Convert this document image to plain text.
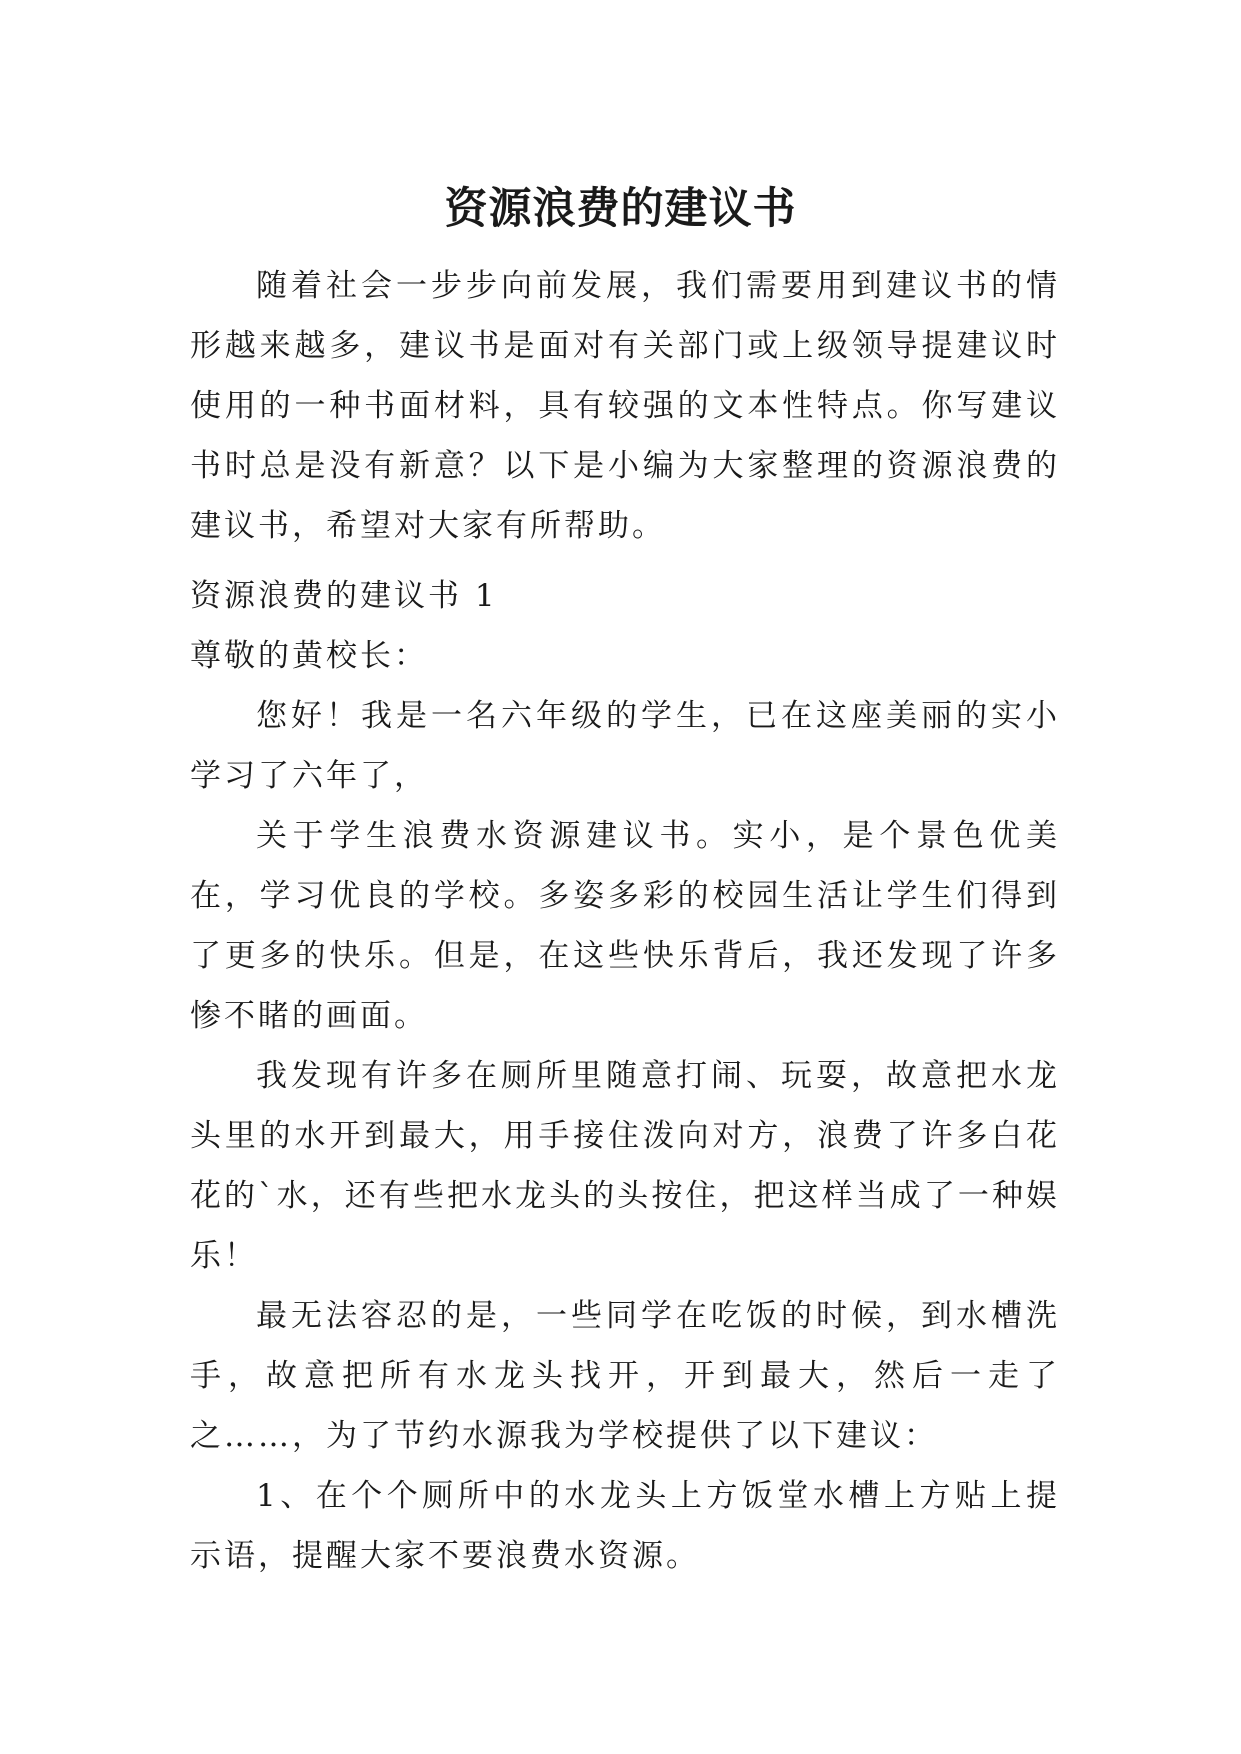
资源浪费的建议书

随着社会一步步向前发展，我们需要用到建议书的情形越来越多，建议书是面对有关部门或上级领导提建议时使用的一种书面材料，具有较强的文本性特点。你写建议书时总是没有新意？以下是小编为大家整理的资源浪费的建议书，希望对大家有所帮助。

资源浪费的建议书 1

尊敬的黄校长：

您好！我是一名六年级的学生，已在这座美丽的实小学习了六年了，

关于学生浪费水资源建议书。实小，是个景色优美在，学习优良的学校。多姿多彩的校园生活让学生们得到了更多的快乐。但是，在这些快乐背后，我还发现了许多惨不睹的画面。

我发现有许多在厕所里随意打闹、玩耍，故意把水龙头里的水开到最大，用手接住泼向对方，浪费了许多白花花的`水，还有些把水龙头的头按住，把这样当成了一种娱乐！

最无法容忍的是，一些同学在吃饭的时候，到水槽洗手，故意把所有水龙头找开，开到最大，然后一走了之……，为了节约水源我为学校提供了以下建议：

1、在个个厕所中的水龙头上方饭堂水槽上方贴上提示语，提醒大家不要浪费水资源。
